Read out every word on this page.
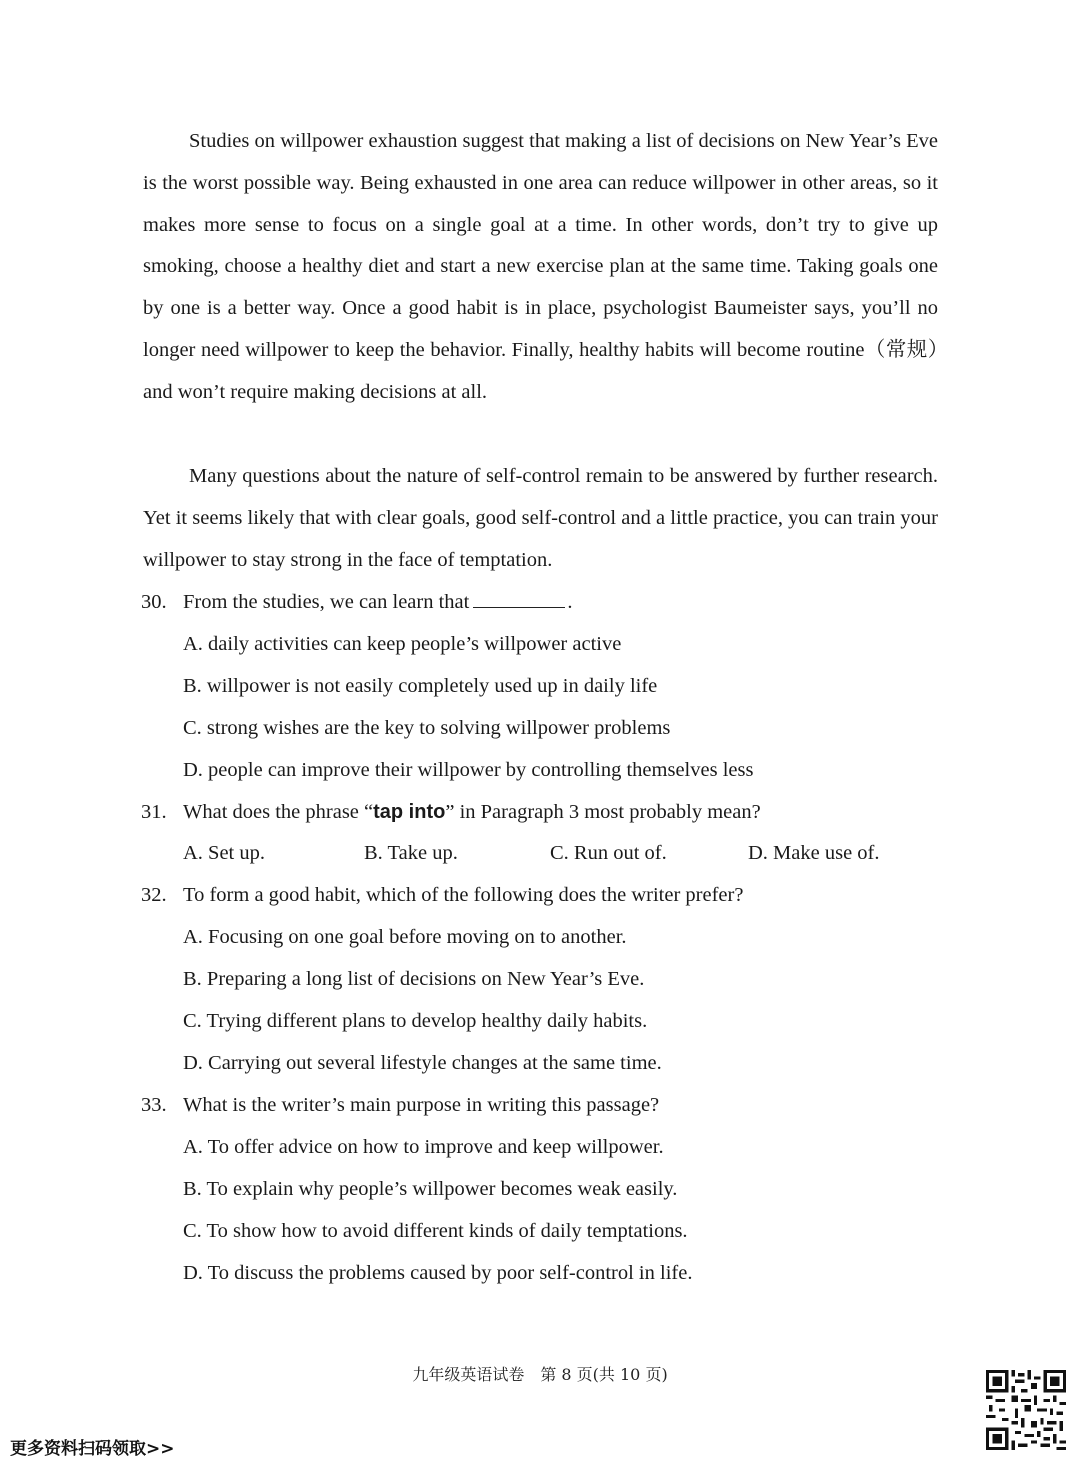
Studies on willpower exhaustion suggest that making a list of decisions on New Year’s Eve is the worst possible way. Being exhausted in one area can reduce willpower in other areas, so it makes more sense to focus on a single goal at a time. In other words, don’t try to give up smoking, choose a healthy diet and start a new exercise plan at the same time. Taking goals one by one is a better way. Once a good habit is in place, psychologist Baumeister says, you’ll no longer need willpower to keep the behavior. Finally, healthy habits will become routine（常规）and won’t require making decisions at all.
Many questions about the nature of self-control remain to be answered by further research. Yet it seems likely that with clear goals, good self-control and a little practice, you can train your willpower to stay strong in the face of temptation.
30. From the studies, we can learn that	.
A. daily activities can keep people’s willpower active
B. willpower is not easily completely used up in daily life
C. strong wishes are the key to solving willpower problems
D. people can improve their willpower by controlling themselves less
31. What does the phrase “tap into” in Paragraph 3 most probably mean?
A. Set up.	B. Take up.	C. Run out of.	D. Make use of.
32. To form a good habit, which of the following does the writer prefer?
A. Focusing on one goal before moving on to another.
B. Preparing a long list of decisions on New Year’s Eve.
C. Trying different plans to develop healthy daily habits.
D. Carrying out several lifestyle changes at the same time.
33. What is the writer’s main purpose in writing this passage?
A. To offer advice on how to improve and keep willpower.
B. To explain why people’s willpower becomes weak easily.
C. To show how to avoid different kinds of daily temptations.
D. To discuss the problems caused by poor self-control in life.
九年级英语试卷　第 8 页(共 10 页)
更多资料扫码领取>>
